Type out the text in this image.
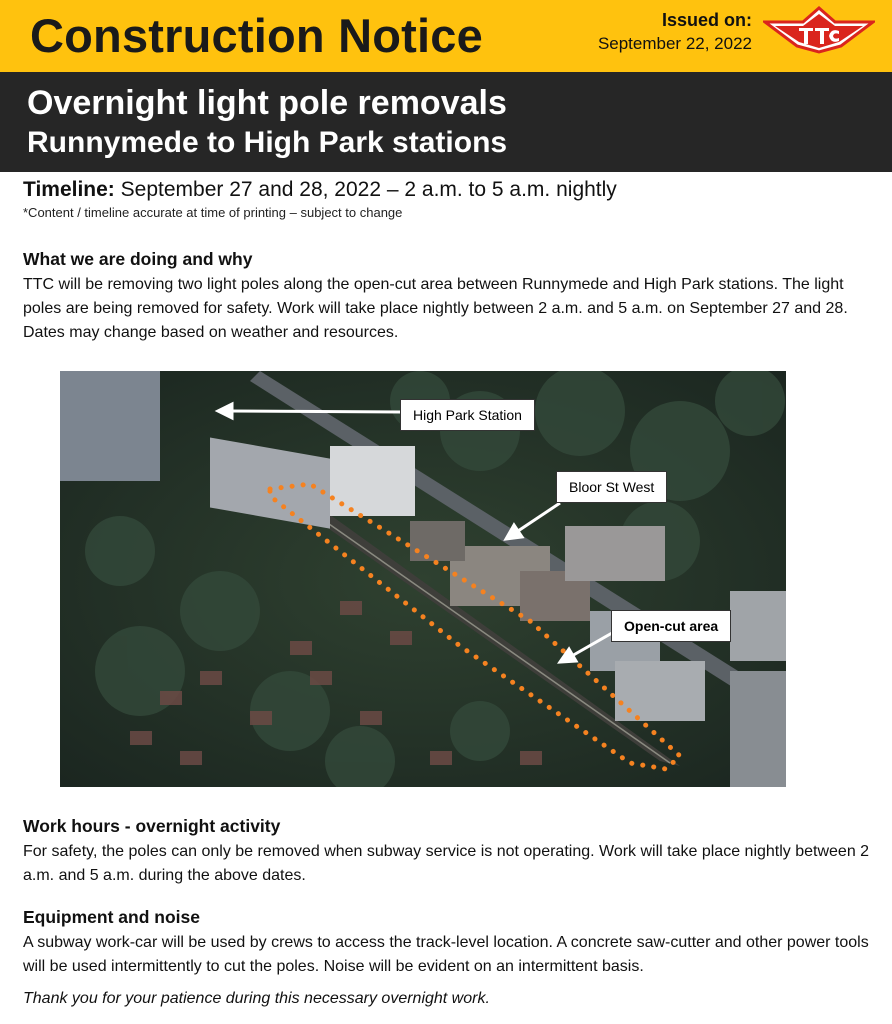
Construction Notice	Issued on:
September 22, 2022
Overnight light pole removals
Runnymede to High Park stations
Timeline: September 27 and 28, 2022 – 2 a.m. to 5 a.m. nightly
*Content / timeline accurate at time of printing – subject to change
What we are doing and why

TTC will be removing two light poles along the open-cut area between Runnymede and High Park stations. The light poles are being removed for safety. Work will take place nightly between 2 a.m. and 5 a.m. on September 27 and 28. Dates may change based on weather and resources.

High Park Station
Bloor St West
Open-cut area
Work hours - overnight activity

For safety, the poles can only be removed when subway service is not operating. Work will take place nightly between 2 a.m. and 5 a.m. during the above dates.

Equipment and noise

A subway work-car will be used by crews to access the track-level location. A concrete saw-cutter and other power tools will be used intermittently to cut the poles. Noise will be evident on an intermittent basis.

Thank you for your patience during this necessary overnight work.
